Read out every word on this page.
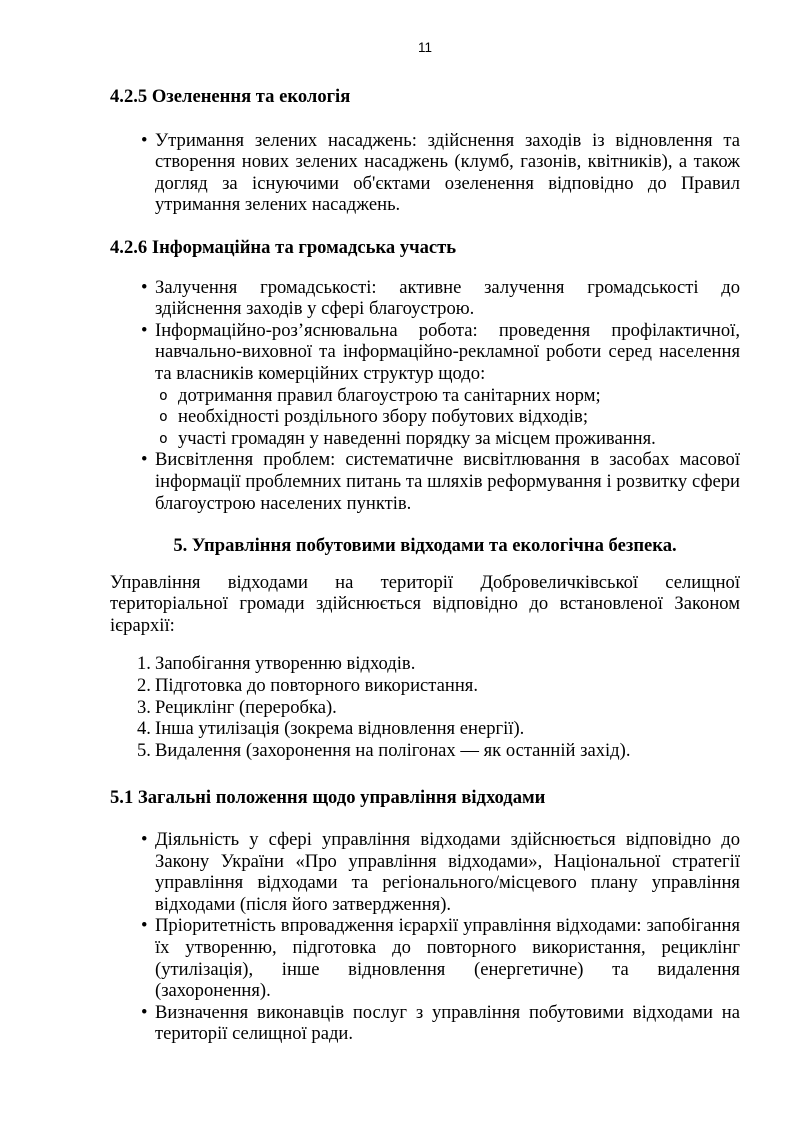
11
4.2.5 Озеленення та екологія
• Утримання зелених насаджень: здійснення заходів із відновлення та створення нових зелених насаджень (клумб, газонів, квітників), а також догляд за існуючими об'єктами озеленення відповідно до Правил утримання зелених насаджень.
4.2.6 Інформаційна та громадська участь
• Залучення громадськості: активне залучення громадськості до здійснення заходів у сфері благоустрою.
• Інформаційно-роз’яснювальна робота: проведення профілактичної, навчально-виховної та інформаційно-рекламної роботи серед населення та власників комерційних структур щодо:
o дотримання правил благоустрою та санітарних норм;
o необхідності роздільного збору побутових відходів;
o участі громадян у наведенні порядку за місцем проживання.
• Висвітлення проблем: систематичне висвітлювання в засобах масової інформації проблемних питань та шляхів реформування і розвитку сфери благоустрою населених пунктів.
5. Управління побутовими відходами та екологічна безпека.
Управління відходами на території Добровеличківської селищної територіальної громади здійснюється відповідно до встановленої Законом ієрархії:
1. Запобігання утворенню відходів.
2. Підготовка до повторного використання.
3. Рециклінг (переробка).
4. Інша утилізація (зокрема відновлення енергії).
5. Видалення (захоронення на полігонах — як останній захід).
5.1 Загальні положення щодо управління відходами
• Діяльність у сфері управління відходами здійснюється відповідно до Закону України «Про управління відходами», Національної стратегії управління відходами та регіонального/місцевого плану управління відходами (після його затвердження).
• Пріоритетність впровадження ієрархії управління відходами: запобігання їх утворенню, підготовка до повторного використання, рециклінг (утилізація), інше відновлення (енергетичне) та видалення (захоронення).
• Визначення виконавців послуг з управління побутовими відходами на території селищної ради.
